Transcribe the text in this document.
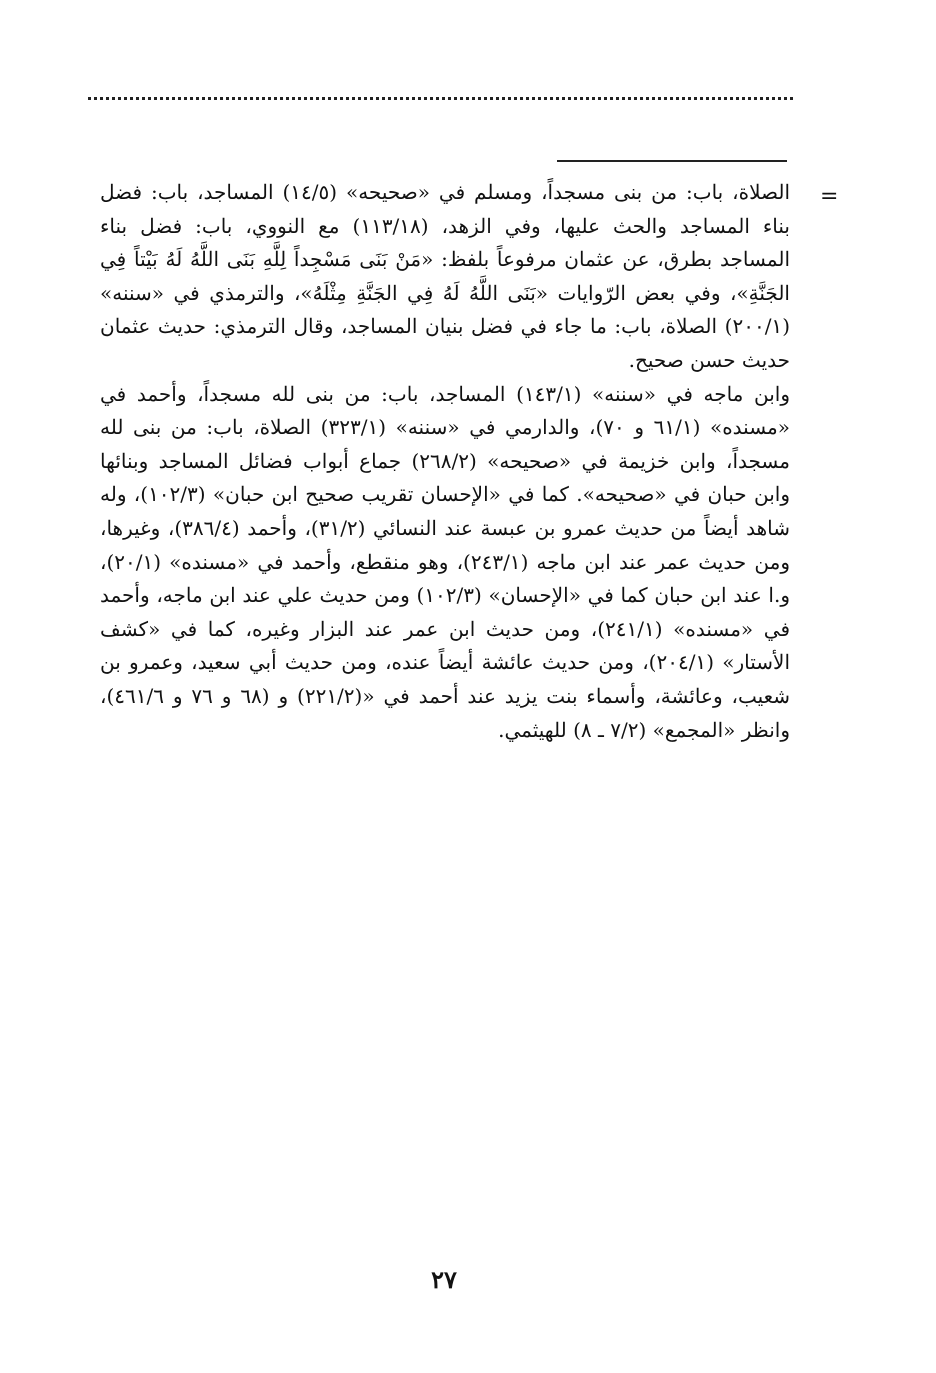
=

الصلاة، باب: من بنى مسجداً، ومسلم في «صحيحه» (١٤/٥) المساجد، باب: فضل بناء المساجد والحث عليها، وفي الزهد، (١١٣/١٨) مع النووي، باب: فضل بناء المساجد بطرق، عن عثمان مرفوعاً بلفظ: «مَنْ بَنَى مَسْجِداً لِلَّهِ بَنَى اللَّهُ لَهُ بَيْتاً فِي الجَنَّةِ»، وفي بعض الرّوايات «بَنَى اللَّهُ لَهُ فِي الجَنَّةِ مِثْلَهُ»، والترمذي في «سننه» (٢٠٠/١) الصلاة، باب: ما جاء في فضل بنيان المساجد، وقال الترمذي: حديث عثمان حديث حسن صحيح.

وابن ماجه في «سننه» (١٤٣/١) المساجد، باب: من بنى لله مسجداً، وأحمد في «مسنده» (٦١/١ و ٧٠)، والدارمي في «سننه» (٣٢٣/١) الصلاة، باب: من بنى لله مسجداً، وابن خزيمة في «صحيحه» (٢٦٨/٢) جماع أبواب فضائل المساجد وبنائها وابن حبان في «صحيحه». كما في «الإحسان تقريب صحيح ابن حبان» (١٠٢/٣)، وله شاهد أيضاً من حديث عمرو بن عبسة عند النسائي (٣١/٢)، وأحمد (٣٨٦/٤)، وغيرها، ومن حديث عمر عند ابن ماجه (٢٤٣/١)، وهو منقطع، وأحمد في «مسنده» (٢٠/١)، و.ا عند ابن حبان كما في «الإحسان» (١٠٢/٣) ومن حديث علي عند ابن ماجه، وأحمد في «مسنده» (٢٤١/١)، ومن حديث ابن عمر عند البزار وغيره، كما في «كشف الأستار» (٢٠٤/١)، ومن حديث عائشة أيضاً عنده، ومن حديث أبي سعيد، وعمرو بن شعيب، وعائشة، وأسماء بنت يزيد عند أحمد في «(٢٢١/٢) و (٦٨ و ٧٦ و ٤٦١/٦)، وانظر «المجمع» (٧/٢ ـ ٨) للهيثمي.

٢٧
